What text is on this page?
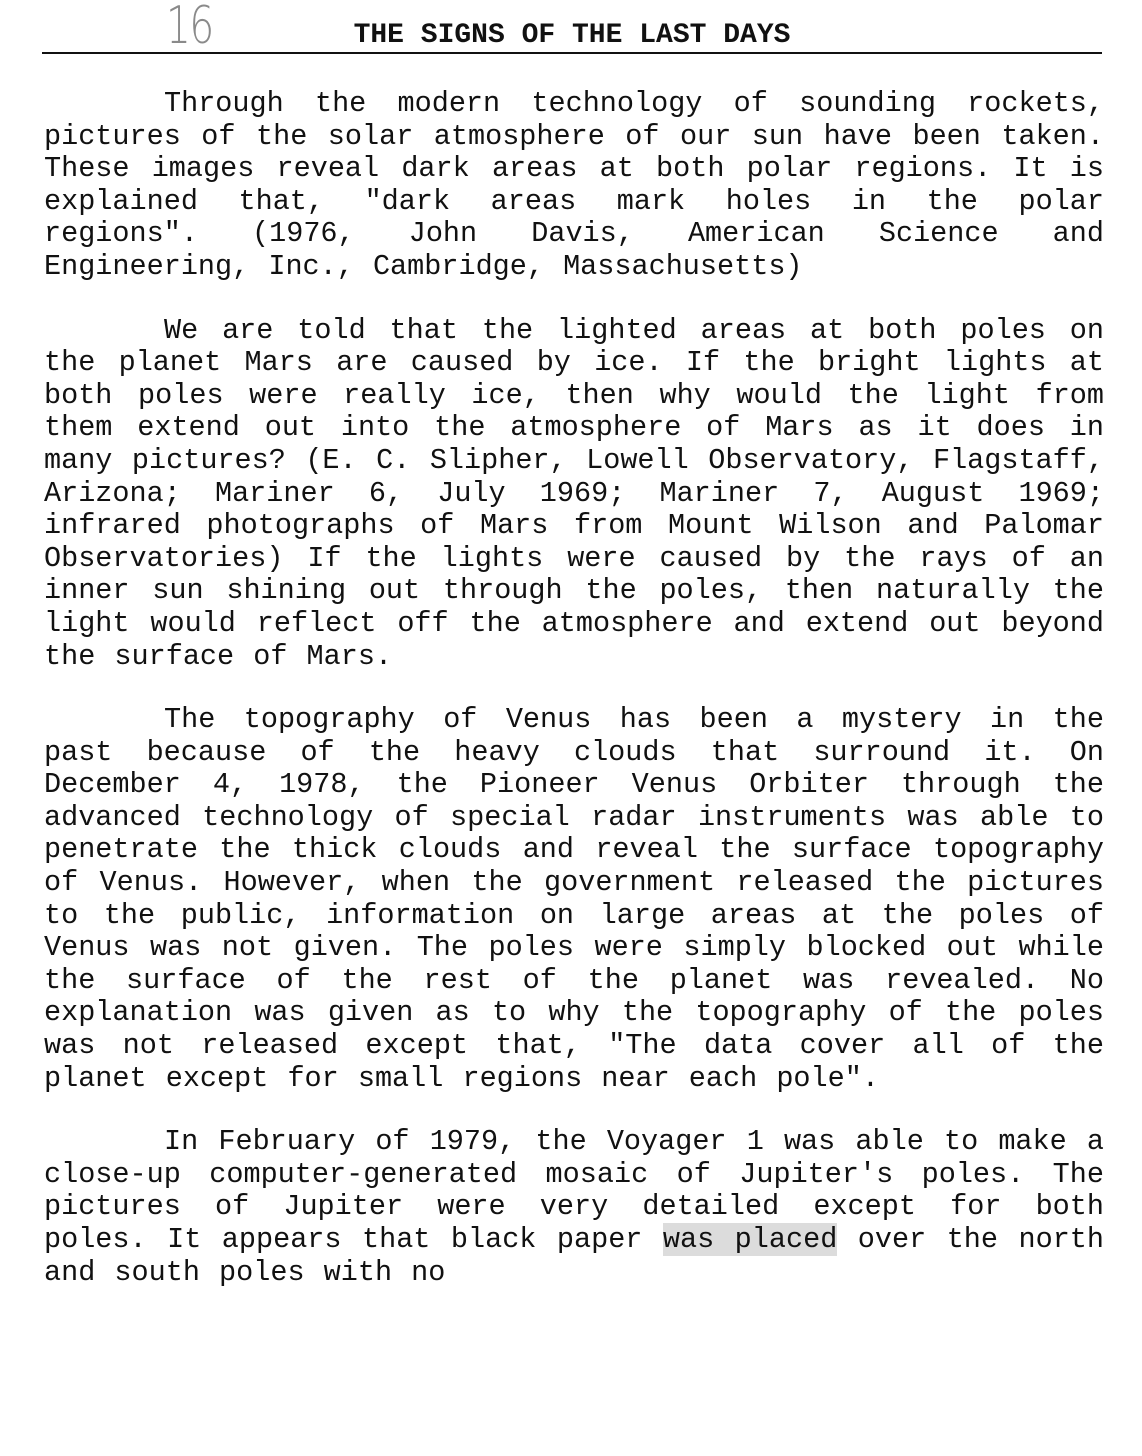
16	THE SIGNS OF THE LAST DAYS

Through the modern technology of sounding rockets, pictures of the solar atmosphere of our sun have been taken. These images reveal dark areas at both polar regions. It is explained that, "dark areas mark holes in the polar regions". (1976, John Davis, American Science and Engineering, Inc., Cambridge, Massachusetts)

We are told that the lighted areas at both poles on the planet Mars are caused by ice. If the bright lights at both poles were really ice, then why would the light from them extend out into the atmosphere of Mars as it does in many pictures? (E. C. Slipher, Lowell Observatory, Flagstaff, Arizona; Mariner 6, July 1969; Mariner 7, August 1969; infrared photographs of Mars from Mount Wilson and Palomar Observatories) If the lights were caused by the rays of an inner sun shining out through the poles, then naturally the light would reflect off the atmosphere and extend out beyond the surface of Mars.

The topography of Venus has been a mystery in the past because of the heavy clouds that surround it. On December 4, 1978, the Pioneer Venus Orbiter through the advanced technology of special radar instruments was able to penetrate the thick clouds and reveal the surface topography of Venus. However, when the government released the pictures to the public, information on large areas at the poles of Venus was not given. The poles were simply blocked out while the surface of the rest of the planet was revealed. No explanation was given as to why the topography of the poles was not released except that, "The data cover all of the planet except for small regions near each pole".

In February of 1979, the Voyager 1 was able to make a close-up computer-generated mosaic of Jupiter's poles. The pictures of Jupiter were very detailed except for both poles. It appears that black paper was placed over the north and south poles with no
